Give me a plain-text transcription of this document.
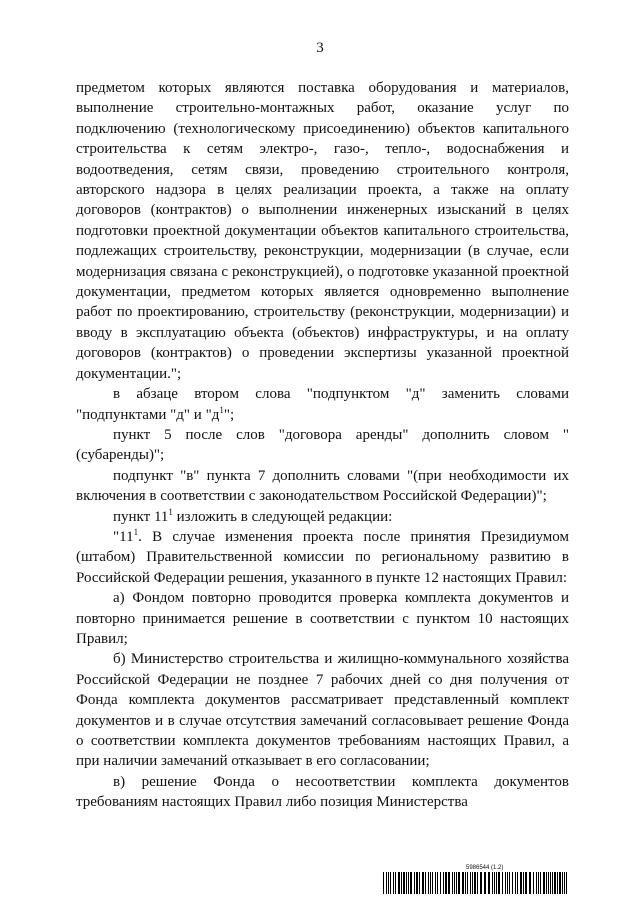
3

предметом которых являются поставка оборудования и материалов, выполнение строительно-монтажных работ, оказание услуг по подключению (технологическому присоединению) объектов капитального строительства к сетям электро-, газо-, тепло-, водоснабжения и водоотведения, сетям связи, проведению строительного контроля, авторского надзора в целях реализации проекта, а также на оплату договоров (контрактов) о выполнении инженерных изысканий в целях подготовки проектной документации объектов капитального строительства, подлежащих строительству, реконструкции, модернизации (в случае, если модернизация связана с реконструкцией), о подготовке указанной проектной документации, предметом которых является одновременно выполнение работ по проектированию, строительству (реконструкции, модернизации) и вводу в эксплуатацию объекта (объектов) инфраструктуры, и на оплату договоров (контрактов) о проведении экспертизы указанной проектной документации.";

в абзаце втором слова "подпунктом "д" заменить словами "подпунктами "д" и "$д^1$";

пункт 5 после слов "договора аренды" дополнить словом "(субаренды)";

подпункт "в" пункта 7 дополнить словами "(при необходимости их включения в соответствии с законодательством Российской Федерации)";

пункт $11^1$ изложить в следующей редакции:

"$11^1$. В случае изменения проекта после принятия Президиумом (штабом) Правительственной комиссии по региональному развитию в Российской Федерации решения, указанного в пункте 12 настоящих Правил:

а) Фондом повторно проводится проверка комплекта документов и повторно принимается решение в соответствии с пунктом 10 настоящих Правил;

б) Министерство строительства и жилищно-коммунального хозяйства Российской Федерации не позднее 7 рабочих дней со дня получения от Фонда комплекта документов рассматривает представленный комплект документов и в случае отсутствия замечаний согласовывает решение Фонда о соответствии комплекта документов требованиям настоящих Правил, а при наличии замечаний отказывает в его согласовании;

в) решение Фонда о несоответствии комплекта документов требованиям настоящих Правил либо позиция Министерства

5986544 (1.2)
